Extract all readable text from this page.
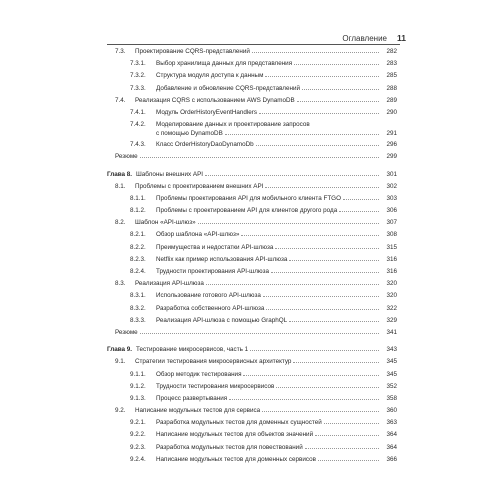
Оглавление 11
7.3. Проектирование CQRS-представлений	282
7.3.1. Выбор хранилища данных для представления	283
7.3.2. Структура модуля доступа к данным	285
7.3.3. Добавление и обновление CQRS-представлений	288
7.4. Реализация CQRS с использованием AWS DynamoDB	289
7.4.1. Модуль OrderHistoryEventHandlers	290
7.4.2. Моделирование данных и проектирование запросов
с помощью DynamoDB	291
7.4.3. Класс OrderHistoryDaoDynamoDb	296
Резюме	299
Глава 8. Шаблоны внешних API	301
8.1. Проблемы с проектированием внешних API	302
8.1.1. Проблемы проектирования API для мобильного клиента FTGO	303
8.1.2. Проблемы с проектированием API для клиентов другого рода	306
8.2. Шаблон «API-шлюз»	307
8.2.1. Обзор шаблона «API-шлюз»	308
8.2.2. Преимущества и недостатки API-шлюза	315
8.2.3. Netflix как пример использования API-шлюза	316
8.2.4. Трудности проектирования API-шлюза	316
8.3. Реализация API-шлюза	320
8.3.1. Использование готового API-шлюза	320
8.3.2. Разработка собственного API-шлюза	322
8.3.3. Реализация API-шлюза с помощью GraphQL	329
Резюме	341
Глава 9. Тестирование микросервисов, часть 1	343
9.1. Стратегии тестирования микросервисных архитектур	345
9.1.1. Обзор методик тестирования	345
9.1.2. Трудности тестирования микросервисов	352
9.1.3. Процесс развертывания	358
9.2. Написание модульных тестов для сервиса	360
9.2.1. Разработка модульных тестов для доменных сущностей	363
9.2.2. Написание модульных тестов для объектов значений	364
9.2.3. Разработка модульных тестов для повествований	364
9.2.4. Написание модульных тестов для доменных сервисов	366
